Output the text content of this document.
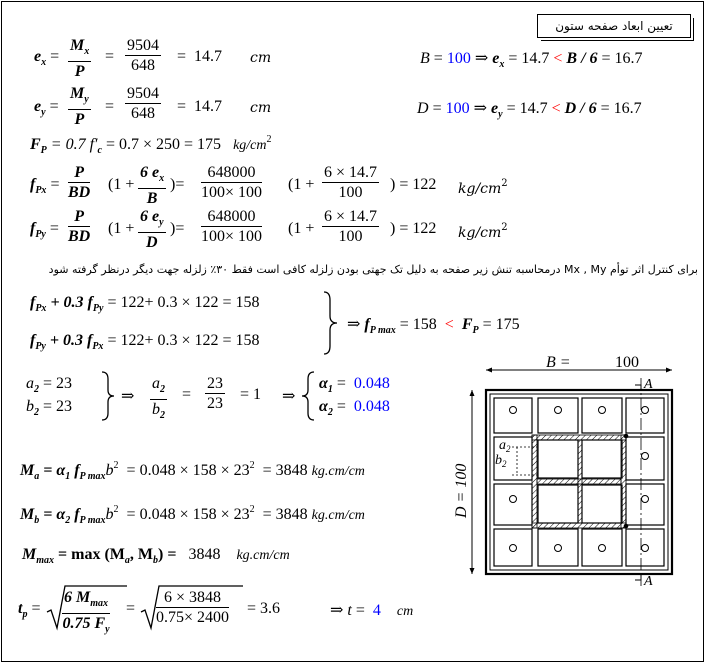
تعیین ابعاد صفحه ستون
$e_x = \frac{M_x}{P} = \frac{9504}{648} = 14.7$ cm	B = 100 ⇒ $e_x = 14.7 < B / 6 = 16.7$
$e_y = \frac{M_y}{P} = \frac{9504}{648} = 14.7$ cm	D = 100 ⇒ $e_y = 14.7 < D / 6 = 16.7$
$F_P = 0.7$ $f'_c = 0.7 \times 250 = 175$ $kg/cm^2$
$f_{Px} = \frac{P}{BD} (1 + \frac{6 e_x}{B}$ )= $\frac{648000}{100\times 100} (1 + \frac{6 \times 14.7}{100}$ ) = 122 $kg/cm^2$
$f_{Py} = \frac{P}{BD} (1 + \frac{6 e_y}{D}$ )= $\frac{648000}{100\times 100} (1 + \frac{6 \times 14.7}{100}$ ) = 122 $kg/cm^2$
برای کنترل اثر توأم Mx , My درمحاسبه تنش زیر صفحه به دلیل تک جهتی بودن زلزله کافی است فقط ۳۰٪ زلزله جهت دیگر درنظر گرفته شود
$f_{Px} + 0.3$ $f_{Py} = 122+ 0.3 \times 122 = 158$
$f_{Py} + 0.3$ $f_{Px} = 122+ 0.3 \times 122 = 158$
⇒ $f_{P max} = 158 < F_P = 175$
$a_2 = 23$
$b_2 = 23$
⇒ $\frac{a_2}{b_2} = \frac{23}{23} = 1$ ⇒
$\alpha_1 = 0.048$
$\alpha_2 = 0.048$
$M_a = \alpha_1$ $f_{P max}b^2 = 0.048 \times 158 \times 23^2 = 3848$ kg.cm/cm
$M_b = \alpha_2$ $f_{P max}b^2 = 0.048 \times 158 \times 23^2 = 3848$ kg.cm/cm
$M_{max} = \max (M_a$, $M_b) = 3848$ kg.cm/cm
$t_p$ =
6 $M_{max}$
0.75 $F_y$
= $\frac{6 \times 3848}{0.75\times 2400} = 3.6$	⇒ t = 4 cm
B =	100
D = 100
$a_2$
$b_2$
A
A
